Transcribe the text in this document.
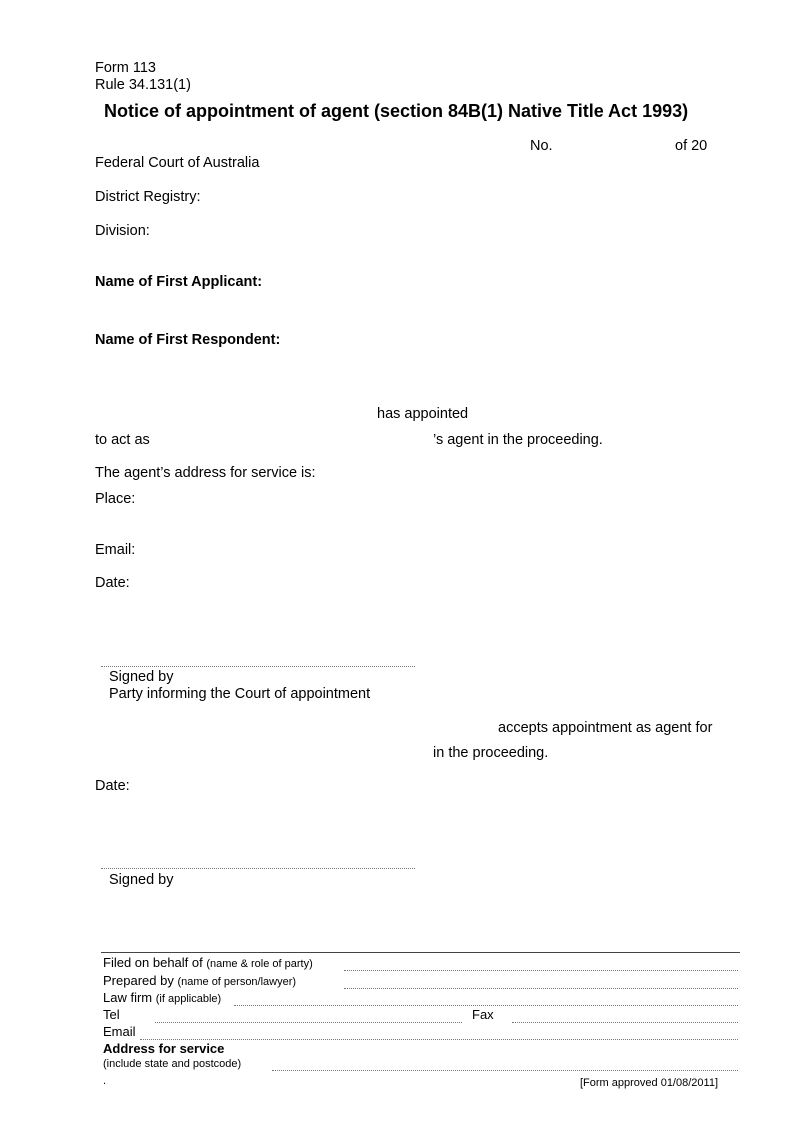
Form 113
Rule 34.131(1)
Notice of appointment of agent (section 84B(1) Native Title Act 1993)
No.	of 20
Federal Court of Australia
District Registry:
Division:
Name of First Applicant:
Name of First Respondent:
has appointed
to act as	’s agent in the proceeding.
The agent’s address for service is:
Place:
Email:
Date:
Signed by
Party informing the Court of appointment
accepts appointment as agent for
in the proceeding.
Date:
Signed by
Filed on behalf of (name & role of party)
Prepared by (name of person/lawyer)
Law firm (if applicable)
Tel	Fax
Email
Address for service
(include state and postcode)
.	[Form approved 01/08/2011]
